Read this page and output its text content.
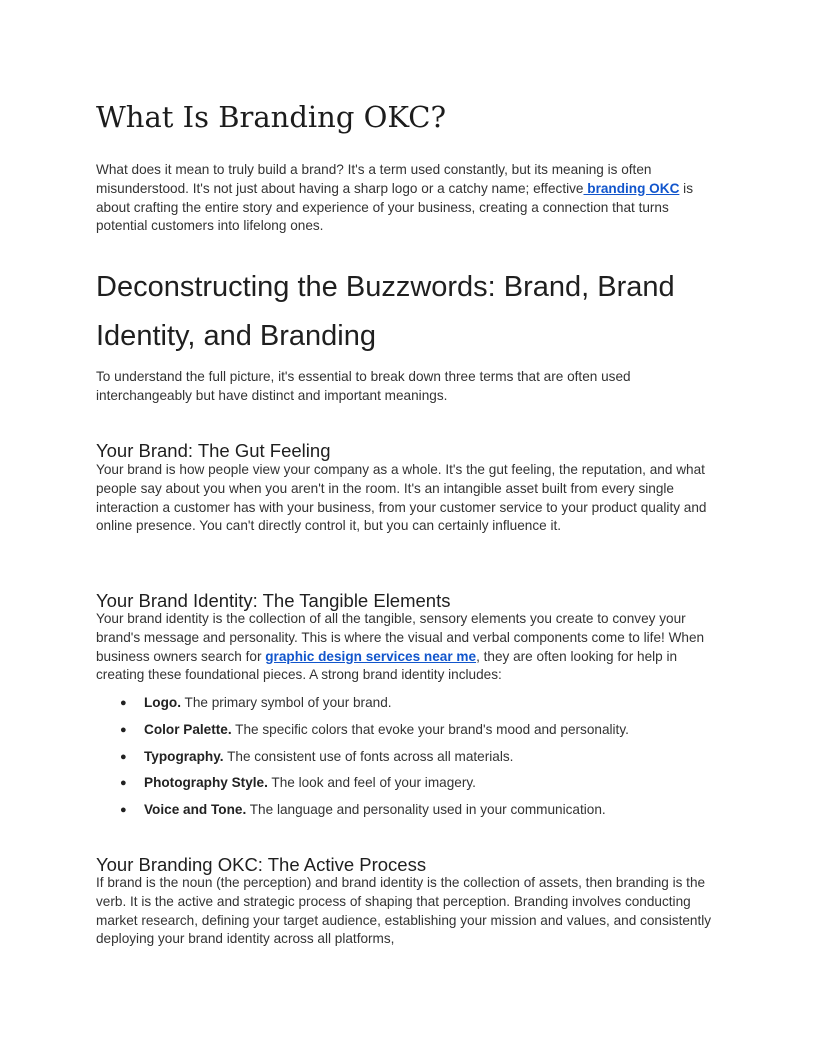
What Is Branding OKC?

What does it mean to truly build a brand? It's a term used constantly, but its meaning is often misunderstood. It's not just about having a sharp logo or a catchy name; effective branding OKC is about crafting the entire story and experience of your business, creating a connection that turns potential customers into lifelong ones.

Deconstructing the Buzzwords: Brand, Brand Identity, and Branding

To understand the full picture, it's essential to break down three terms that are often used interchangeably but have distinct and important meanings.

Your Brand: The Gut Feeling

Your brand is how people view your company as a whole. It's the gut feeling, the reputation, and what people say about you when you aren't in the room. It's an intangible asset built from every single interaction a customer has with your business, from your customer service to your product quality and online presence. You can't directly control it, but you can certainly influence it.

Your Brand Identity: The Tangible Elements

Your brand identity is the collection of all the tangible, sensory elements you create to convey your brand's message and personality. This is where the visual and verbal components come to life! When business owners search for graphic design services near me, they are often looking for help in creating these foundational pieces. A strong brand identity includes:

● Logo. The primary symbol of your brand.
● Color Palette. The specific colors that evoke your brand's mood and personality.
● Typography. The consistent use of fonts across all materials.
● Photography Style. The look and feel of your imagery.
● Voice and Tone. The language and personality used in your communication.
Your Branding OKC: The Active Process

If brand is the noun (the perception) and brand identity is the collection of assets, then branding is the verb. It is the active and strategic process of shaping that perception. Branding involves conducting market research, defining your target audience, establishing your mission and values, and consistently deploying your brand identity across all platforms,
